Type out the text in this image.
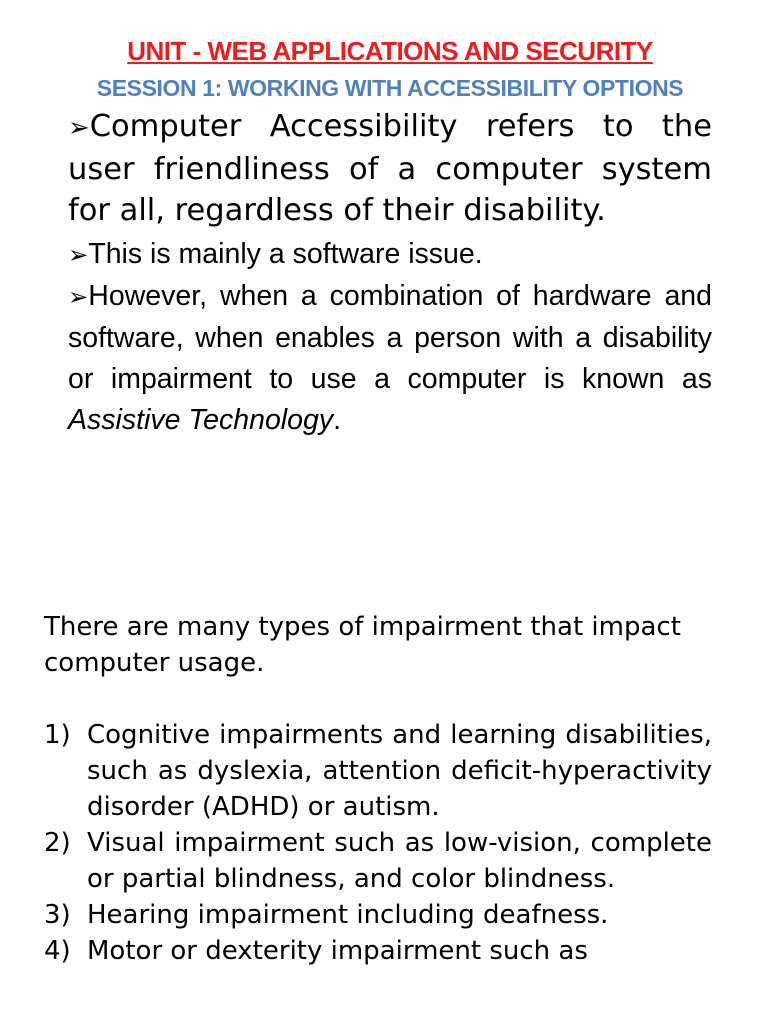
UNIT - WEB APPLICATIONS AND SECURITY
SESSION 1: WORKING WITH ACCESSIBILITY OPTIONS

➢Computer Accessibility refers to the user friendliness of a computer system for all, regardless of their disability.

➢This is mainly a software issue.

➢However, when a combination of hardware and software, when enables a person with a disability or impairment to use a computer is known as Assistive Technology.

There are many types of impairment that impact computer usage.

1) Cognitive impairments and learning disabilities, such as dyslexia, attention deficit-hyperactivity disorder (ADHD) or autism.
2) Visual impairment such as low-vision, complete or partial blindness, and color blindness.
3) Hearing impairment including deafness.
4) Motor or dexterity impairment such as
